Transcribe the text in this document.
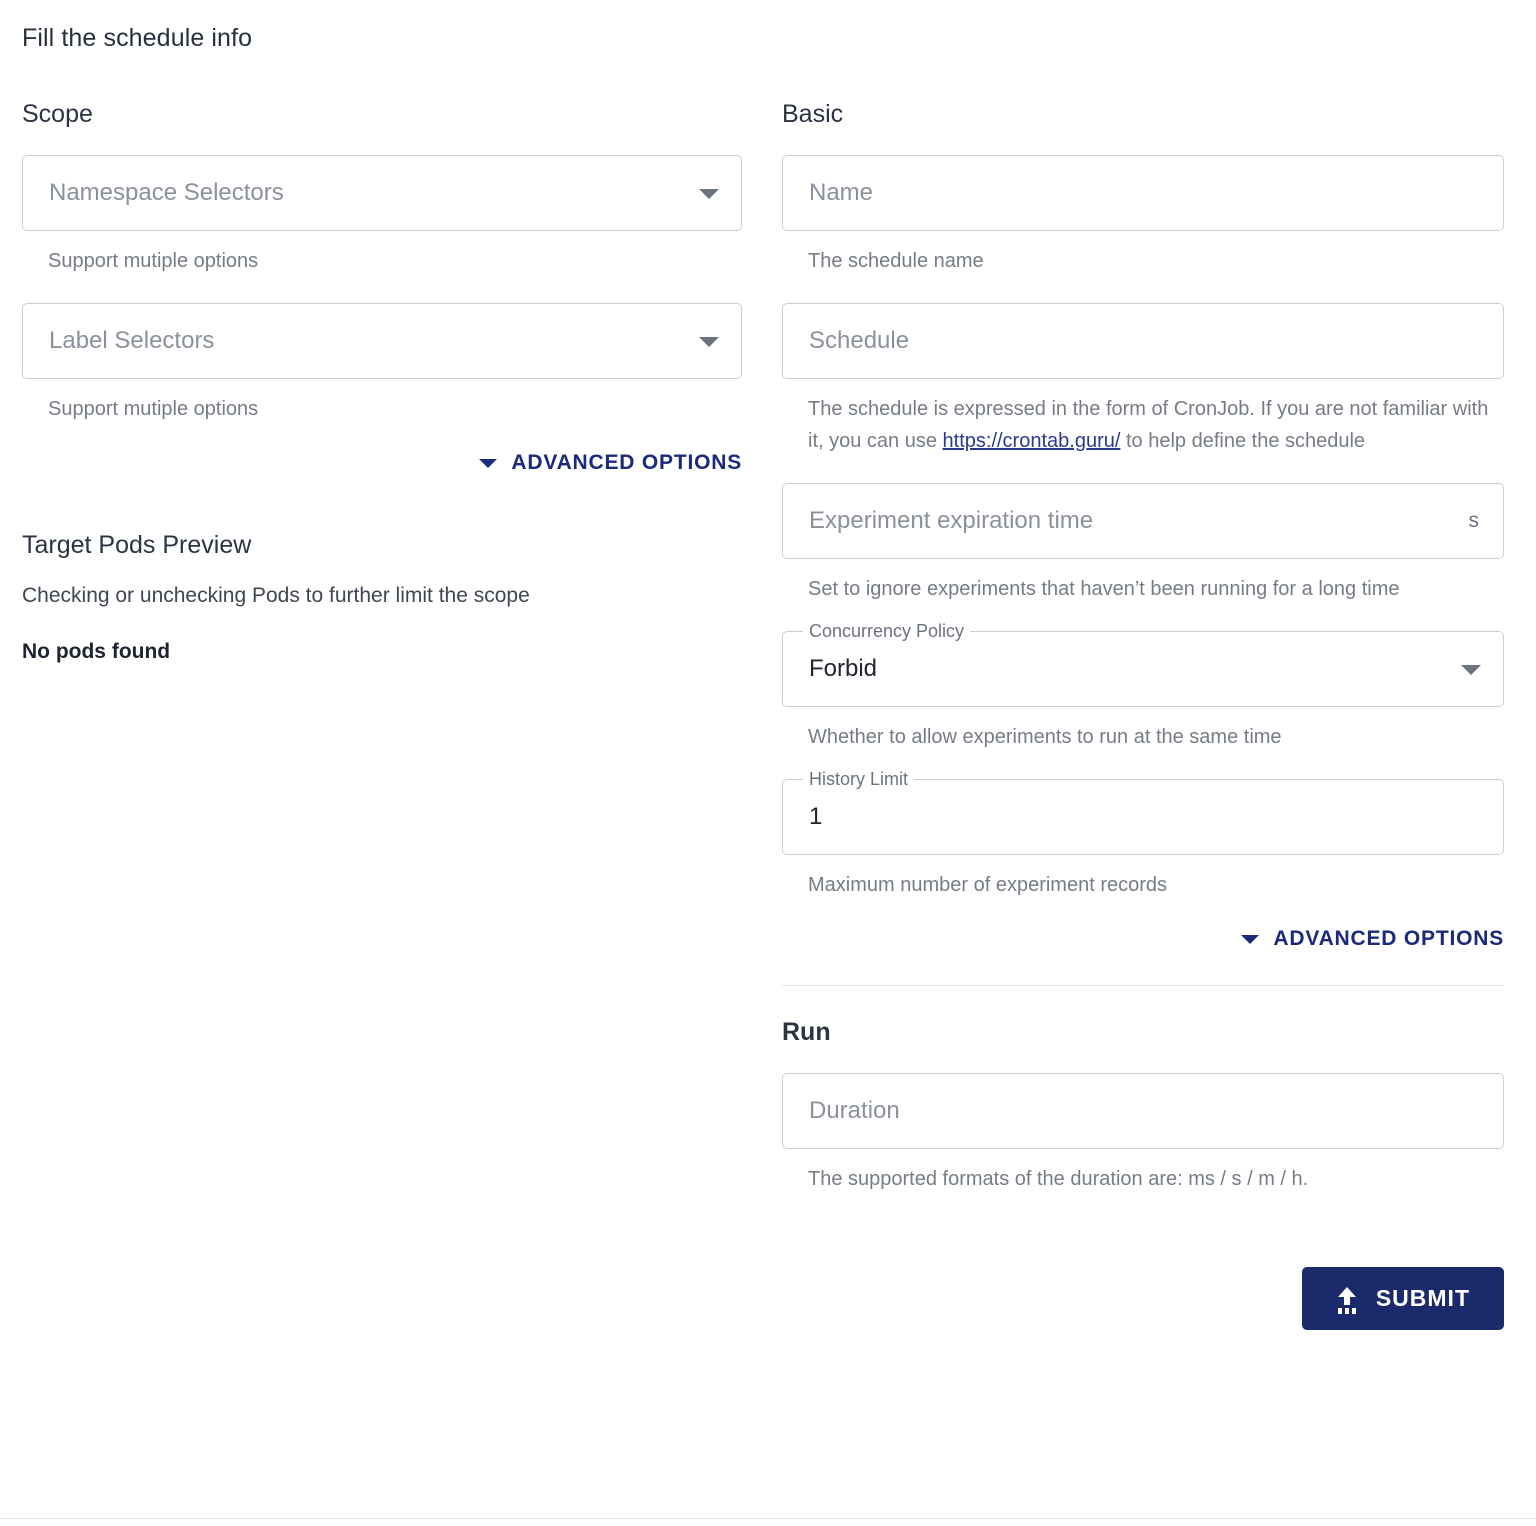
Fill the schedule info
Scope
Namespace Selectors
Support mutiple options
Label Selectors
Support mutiple options
ADVANCED OPTIONS
Target Pods Preview
Checking or unchecking Pods to further limit the scope
No pods found
Basic
Name
The schedule name
Schedule
The schedule is expressed in the form of CronJob. If you are not familiar with it, you can use https://crontab.guru/ to help define the schedule
Experiment expiration time	s
Set to ignore experiments that haven’t been running for a long time
Concurrency Policy
Forbid
Whether to allow experiments to run at the same time
History Limit
1
Maximum number of experiment records
ADVANCED OPTIONS
Run
Duration
The supported formats of the duration are: ms / s / m / h.
SUBMIT
